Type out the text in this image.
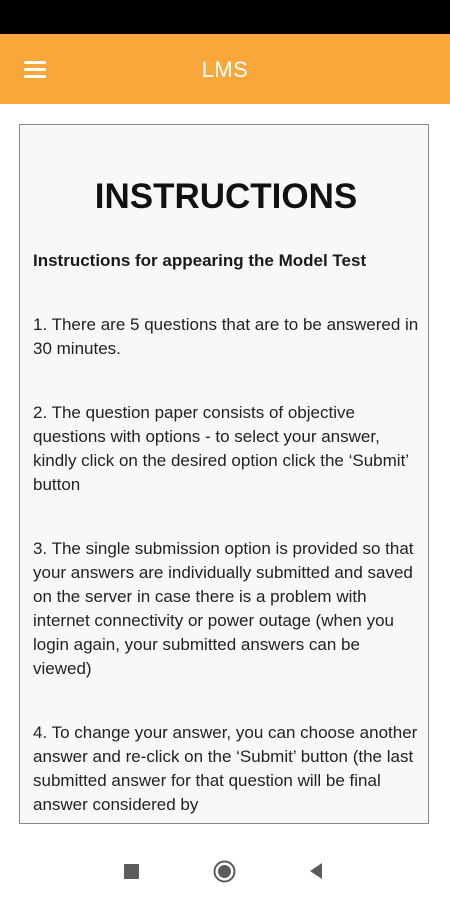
LMS
INSTRUCTIONS
Instructions for appearing the Model Test
1. There are 5 questions that are to be answered in 30 minutes.
2. The question paper consists of objective questions with options - to select your answer, kindly click on the desired option click the ‘Submit’ button
3. The single submission option is provided so that your answers are individually submitted and saved on the server in case there is a problem with internet connectivity or power outage (when you login again, your submitted answers can be viewed)
4. To change your answer, you can choose another answer and re-click on the ‘Submit’ button (the last submitted answer for that question will be final answer considered by
